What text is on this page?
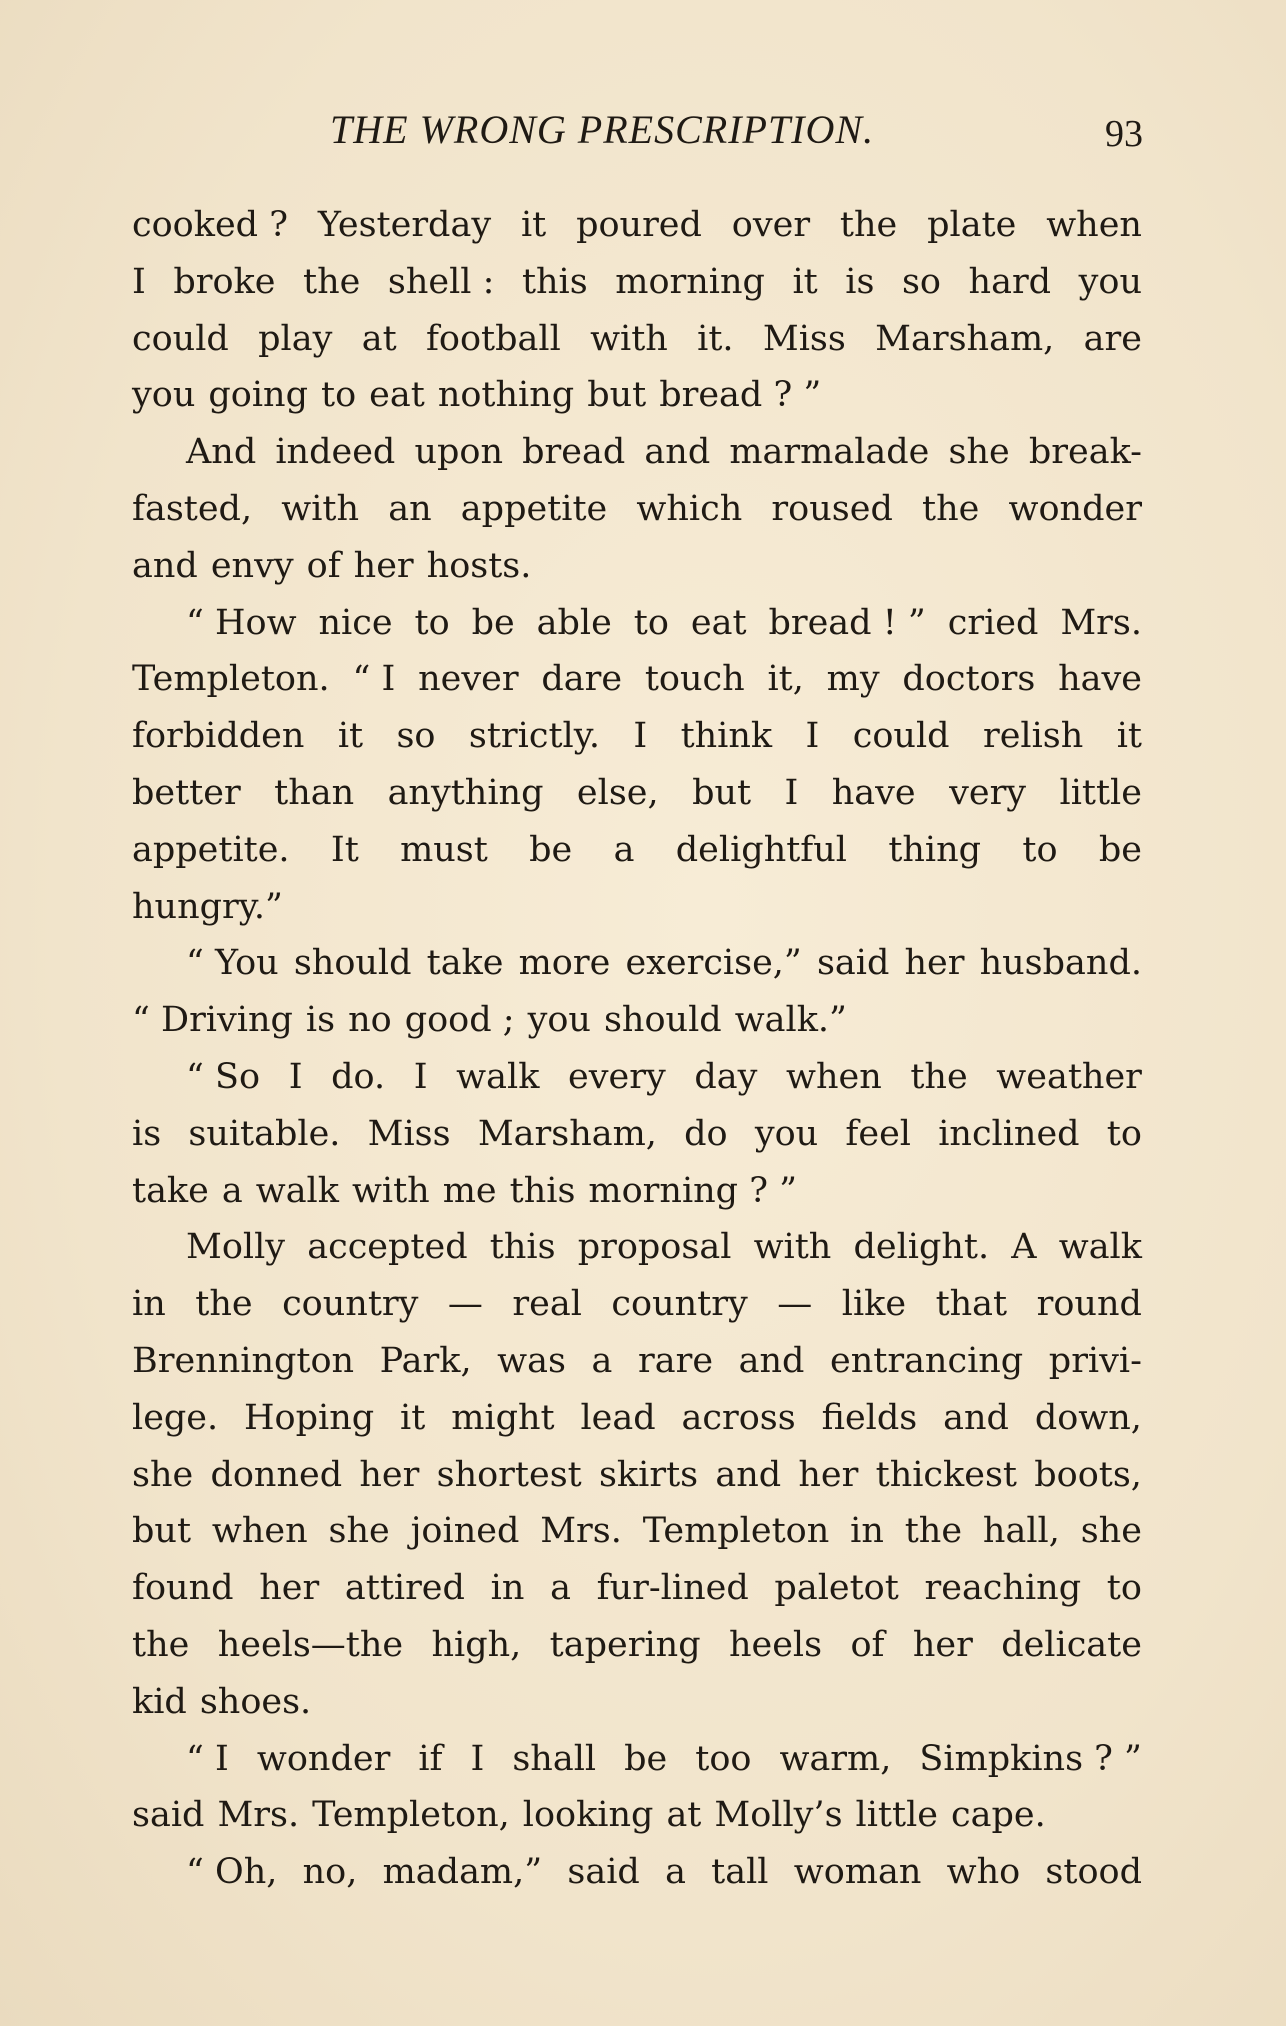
THE WRONG PRESCRIPTION.	93
cooked ? Yesterday it poured over the plate when
I broke the shell : this morning it is so hard you
could play at football with it. Miss Marsham, are
you going to eat nothing but bread ? ”
And indeed upon bread and marmalade she break-
fasted, with an appetite which roused the wonder
and envy of her hosts.
“ How nice to be able to eat bread ! ” cried Mrs.
Templeton. “ I never dare touch it, my doctors have
forbidden it so strictly. I think I could relish it
better than anything else, but I have very little
appetite. It must be a delightful thing to be
hungry.”
“ You should take more exercise,” said her husband.
“ Driving is no good ; you should walk.”
“ So I do. I walk every day when the weather
is suitable. Miss Marsham, do you feel inclined to
take a walk with me this morning ? ”
Molly accepted this proposal with delight. A walk
in the country — real country — like that round
Brennington Park, was a rare and entrancing privi-
lege. Hoping it might lead across fields and down,
she donned her shortest skirts and her thickest boots,
but when she joined Mrs. Templeton in the hall, she
found her attired in a fur-lined paletot reaching to
the heels—the high, tapering heels of her delicate
kid shoes.
“ I wonder if I shall be too warm, Simpkins ? ”
said Mrs. Templeton, looking at Molly’s little cape.
“ Oh, no, madam,” said a tall woman who stood
